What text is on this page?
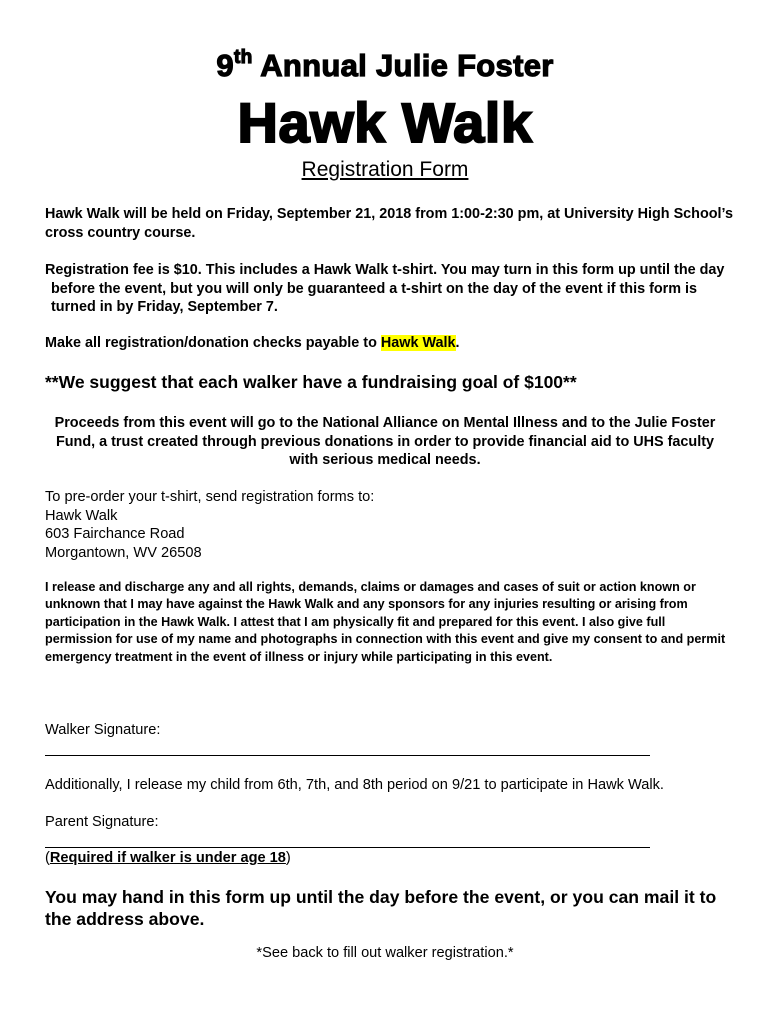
9th Annual Julie Foster
Hawk Walk
Registration Form
Hawk Walk will be held on Friday, September 21, 2018 from 1:00-2:30 pm, at University High School’s cross country course.
Registration fee is $10. This includes a Hawk Walk t-shirt. You may turn in this form up until the day before the event, but you will only be guaranteed a t-shirt on the day of the event if this form is turned in by Friday, September 7.
Make all registration/donation checks payable to Hawk Walk.
**We suggest that each walker have a fundraising goal of $100**
Proceeds from this event will go to the National Alliance on Mental Illness and to the Julie Foster Fund, a trust created through previous donations in order to provide financial aid to UHS faculty with serious medical needs.
To pre-order your t-shirt, send registration forms to:
Hawk Walk
603 Fairchance Road
Morgantown, WV 26508
I release and discharge any and all rights, demands, claims or damages and cases of suit or action known or unknown that I may have against the Hawk Walk and any sponsors for any injuries resulting or arising from participation in the Hawk Walk. I attest that I am physically fit and prepared for this event. I also give full permission for use of my name and photographs in connection with this event and give my consent to and permit emergency treatment in the event of illness or injury while participating in this event.
Walker Signature:
Additionally, I release my child from 6th, 7th, and 8th period on 9/21 to participate in Hawk Walk.
Parent Signature:
(Required if walker is under age 18)
You may hand in this form up until the day before the event, or you can mail it to the address above.
*See back to fill out walker registration.*
